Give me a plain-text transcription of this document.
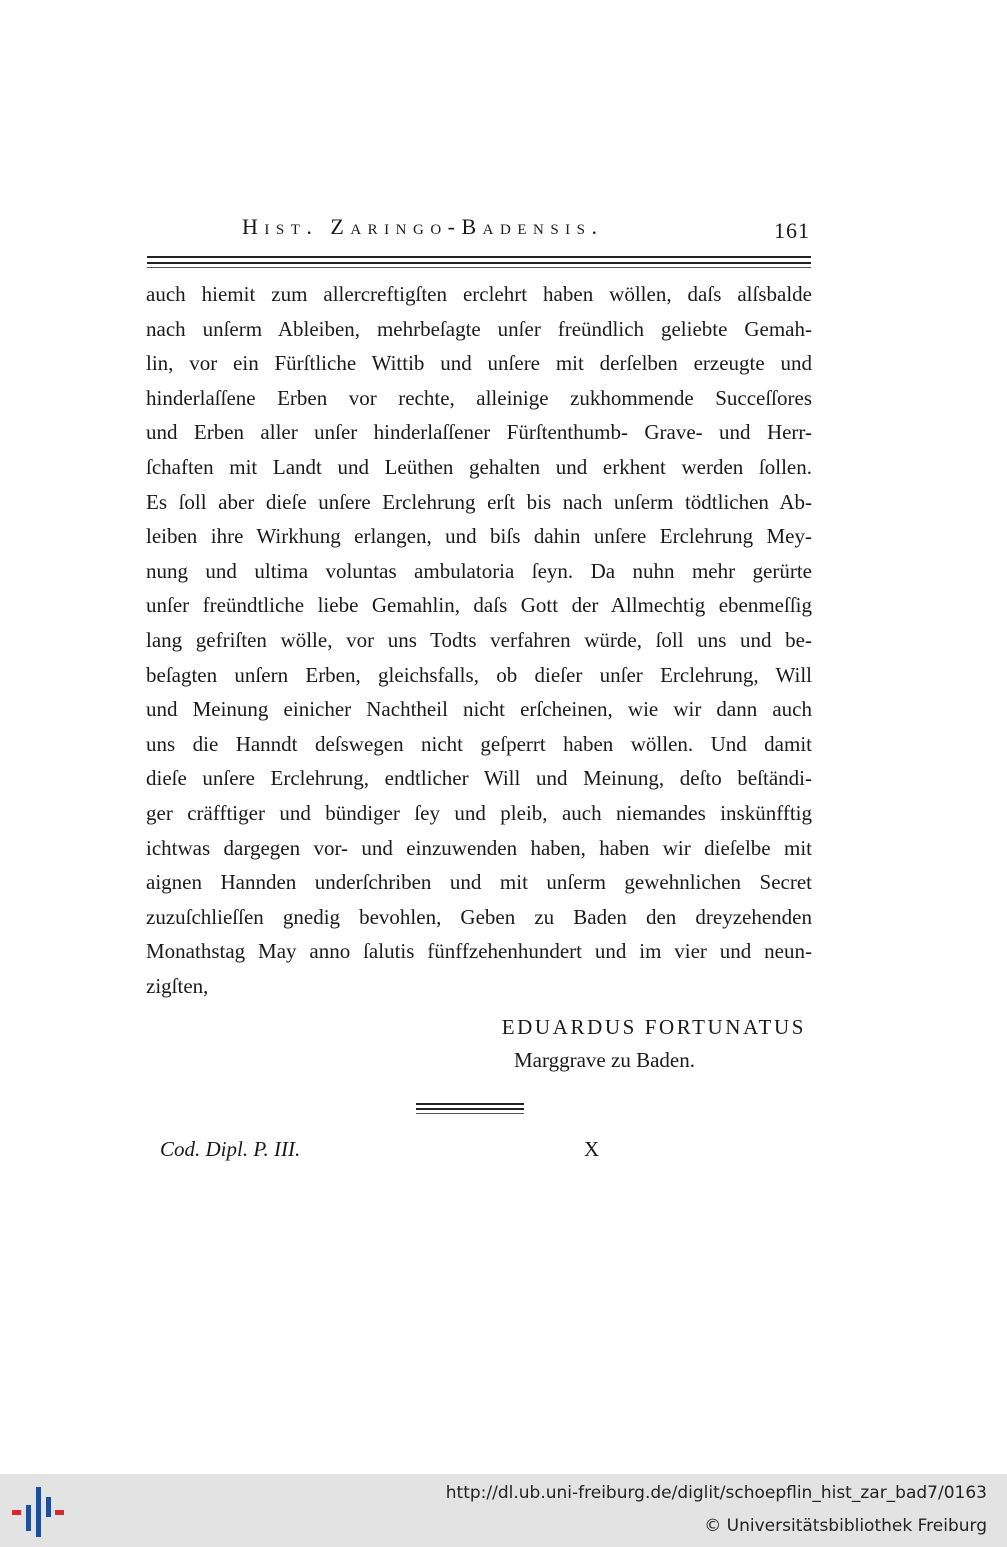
Hist. Zaringo-Badensis.	161
auch hiemit zum allercreftigſten erclehrt haben wöllen, daſs alſsbalde
nach unſerm Ableiben, mehrbeſagte unſer freündlich geliebte Gemah-
lin, vor ein Fürſtliche Wittib und unſere mit derſelben erzeugte und
hinderlaſſene Erben vor rechte, alleinige zukhommende Succeſſores
und Erben aller unſer hinderlaſſener Fürſtenthumb- Grave- und Herr-
ſchaften mit Landt und Leüthen gehalten und erkhent werden ſollen.
Es ſoll aber dieſe unſere Erclehrung erſt bis nach unſerm tödtlichen Ab-
leiben ihre Wirkhung erlangen, und biſs dahin unſere Erclehrung Mey-
nung und ultima voluntas ambulatoria ſeyn. Da nuhn mehr gerürte
unſer freündtliche liebe Gemahlin, daſs Gott der Allmechtig ebenmeſſig
lang gefriſten wölle, vor uns Todts verfahren würde, ſoll uns und be-
beſagten unſern Erben, gleichsfalls, ob dieſer unſer Erclehrung, Will
und Meinung einicher Nachtheil nicht erſcheinen, wie wir dann auch
uns die Hanndt deſswegen nicht geſperrt haben wöllen. Und damit
dieſe unſere Erclehrung, endtlicher Will und Meinung, deſto beſtändi-
ger cräfftiger und bündiger ſey und pleib, auch niemandes inskünfftig
ichtwas dargegen vor- und einzuwenden haben, haben wir dieſelbe mit
aignen Hannden underſchriben und mit unſerm gewehnlichen Secret
zuzuſchlieſſen gnedig bevohlen, Geben zu Baden den dreyzehenden
Monathstag May anno ſalutis fünffzehenhundert und im vier und neun-
zigſten,
EDUARDUS FORTUNATUS
Marggrave zu Baden.
Cod. Dipl. P. III.	X
http://dl.ub.uni-freiburg.de/diglit/schoepflin_hist_zar_bad7/0163
© Universitätsbibliothek Freiburg
